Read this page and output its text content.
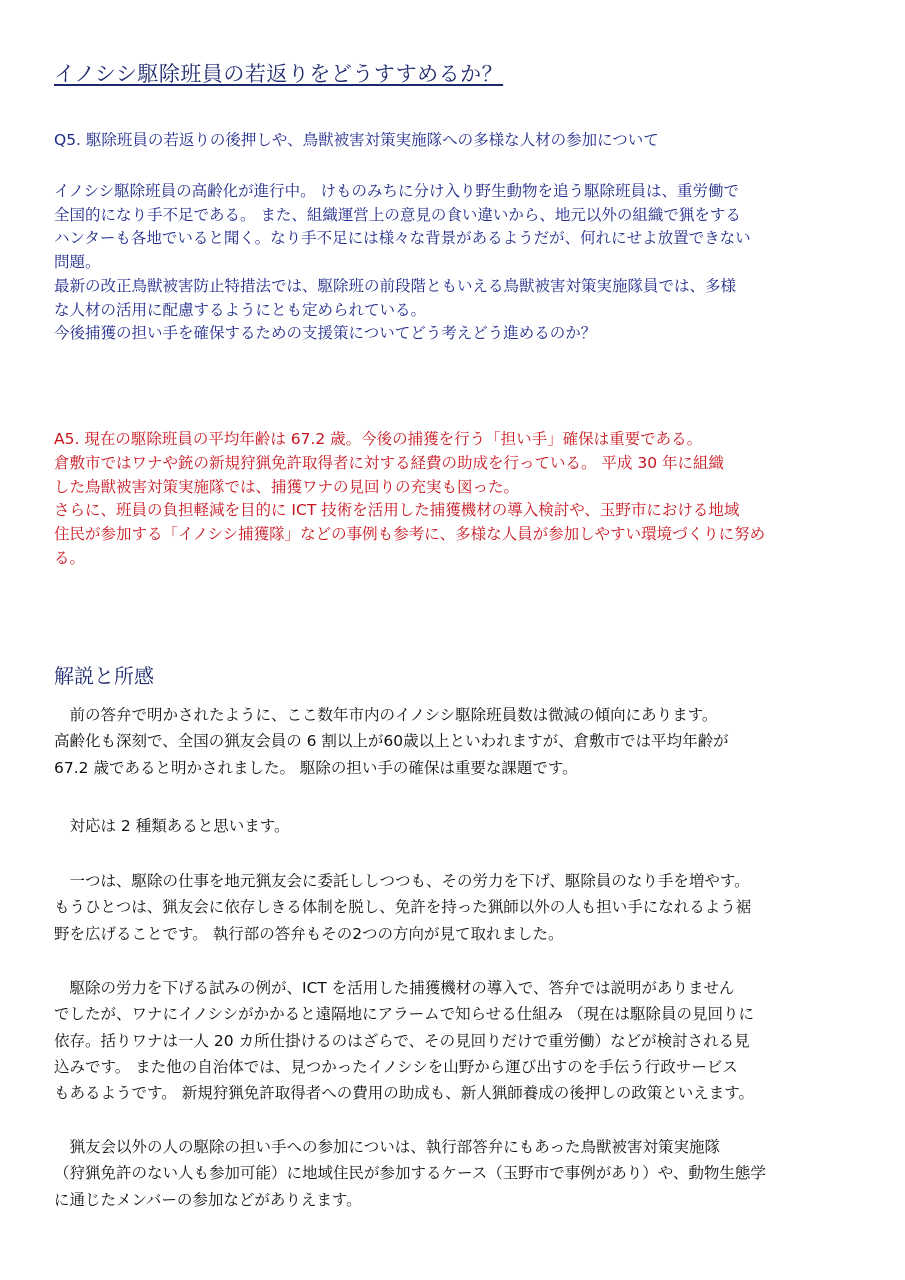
イノシシ駆除班員の若返りをどうすすめるか？
Q5. 駆除班員の若返りの後押しや、鳥獣被害対策実施隊への多様な人材の参加について
イノシシ駆除班員の高齢化が進行中。 けものみちに分け入り野生動物を追う駆除班員は、重労働で
全国的になり手不足である。 また、組織運営上の意見の食い違いから、地元以外の組織で猟をする
ハンターも各地でいると聞く。なり手不足には様々な背景があるようだが、何れにせよ放置できない
問題。
最新の改正鳥獣被害防止特措法では、駆除班の前段階ともいえる鳥獣被害対策実施隊員では、多様
な人材の活用に配慮するようにとも定められている。
今後捕獲の担い手を確保するための支援策についてどう考えどう進めるのか？
A5. 現在の駆除班員の平均年齢は 67.2 歳。今後の捕獲を行う「担い手」確保は重要である。
倉敷市ではワナや銃の新規狩猟免許取得者に対する経費の助成を行っている。 平成 30 年に組織
した鳥獣被害対策実施隊では、捕獲ワナの見回りの充実も図った。
さらに、班員の負担軽減を目的に ICT 技術を活用した捕獲機材の導入検討や、玉野市における地域
住民が参加する「イノシシ捕獲隊」などの事例も参考に、多様な人員が参加しやすい環境づくりに努め
る。
解説と所感
　前の答弁で明かされたように、ここ数年市内のイノシシ駆除班員数は微減の傾向にあります。
高齢化も深刻で、全国の猟友会員の 6 割以上が60歳以上といわれますが、倉敷市では平均年齢が
67.2 歳であると明かされました。 駆除の担い手の確保は重要な課題です。
　対応は 2 種類あると思います。
　一つは、駆除の仕事を地元猟友会に委託ししつつも、その労力を下げ、駆除員のなり手を増やす。
もうひとつは、猟友会に依存しきる体制を脱し、免許を持った猟師以外の人も担い手になれるよう裾
野を広げることです。 執行部の答弁もその2つの方向が見て取れました。
　駆除の労力を下げる試みの例が、ICT を活用した捕獲機材の導入で、答弁では説明がありません
でしたが、ワナにイノシシがかかると遠隔地にアラームで知らせる仕組み （現在は駆除員の見回りに
依存。括りワナは一人 20 カ所仕掛けるのはざらで、その見回りだけで重労働）などが検討される見
込みです。 また他の自治体では、見つかったイノシシを山野から運び出すのを手伝う行政サービス
もあるようです。 新規狩猟免許取得者への費用の助成も、新人猟師養成の後押しの政策といえます。
　猟友会以外の人の駆除の担い手への参加についは、執行部答弁にもあった鳥獣被害対策実施隊
（狩猟免許のない人も参加可能）に地域住民が参加するケース（玉野市で事例があり）や、動物生態学
に通じたメンバーの参加などがありえます。
